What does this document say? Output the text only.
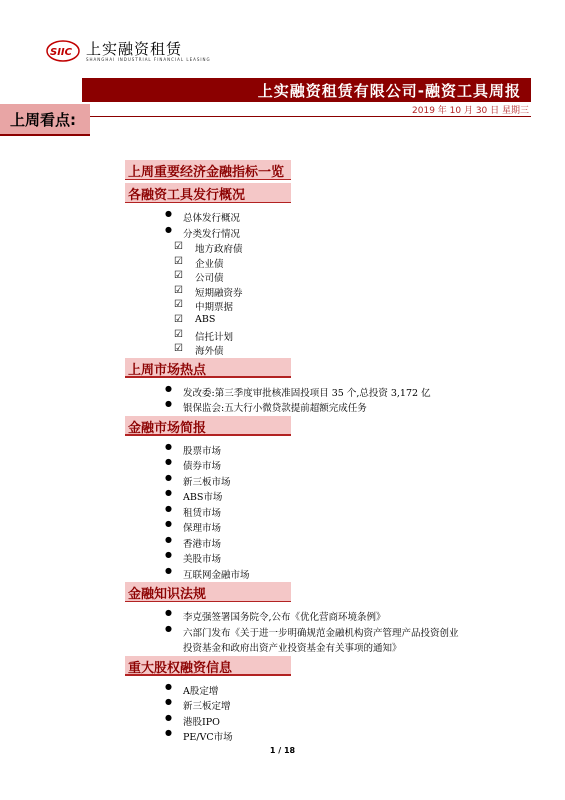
SIIC 上实融资租赁
SHANGHAI INDUSTRIAL FINANCIAL LEASING
上实融资租赁有限公司-融资工具周报
2019 年 10 月 30 日 星期三
上周看点:
上周重要经济金融指标一览
各融资工具发行概况
● 总体发行概况
● 分类发行情况
☑ 地方政府债
☑ 企业债
☑ 公司债
☑ 短期融资券
☑ 中期票据
☑ ABS
☑ 信托计划
☑ 海外债
上周市场热点
● 发改委:第三季度审批核准固投项目 35 个,总投资 3,172 亿
● 银保监会:五大行小微贷款提前超额完成任务
金融市场简报
● 股票市场
● 债券市场
● 新三板市场
● ABS市场
● 租赁市场
● 保理市场
● 香港市场
● 美股市场
● 互联网金融市场
金融知识法规
● 李克强签署国务院令,公布《优化营商环境条例》
● 六部门发布《关于进一步明确规范金融机构资产管理产品投资创业
投资基金和政府出资产业投资基金有关事项的通知》
重大股权融资信息
● A股定增
● 新三板定增
● 港股IPO
● PE/VC市场
1 / 18
